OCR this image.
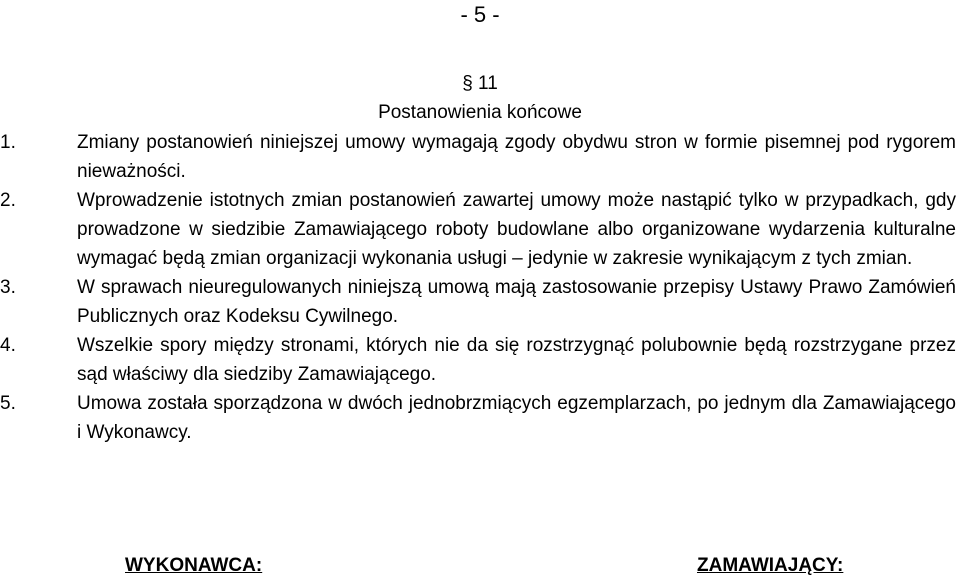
- 5 -
§ 11
Postanowienia końcowe
1.	Zmiany postanowień niniejszej umowy wymagają zgody obydwu stron w formie pisemnej pod rygorem nieważności.
2.	Wprowadzenie istotnych zmian postanowień zawartej umowy może nastąpić tylko w przypadkach, gdy prowadzone w siedzibie Zamawiającego roboty budowlane albo organizowane wydarzenia kulturalne wymagać będą zmian organizacji wykonania usługi – jedynie w zakresie wynikającym z tych zmian.
3.	W sprawach nieuregulowanych niniejszą umową mają zastosowanie przepisy Ustawy Prawo Zamówień Publicznych oraz Kodeksu Cywilnego.
4.	Wszelkie spory między stronami, których nie da się rozstrzygnąć polubownie będą rozstrzygane przez sąd właściwy dla siedziby Zamawiającego.
5.	Umowa została sporządzona w dwóch jednobrzmiących egzemplarzach, po jednym dla Zamawiającego i Wykonawcy.
WYKONAWCA:	ZAMAWIAJĄCY:
